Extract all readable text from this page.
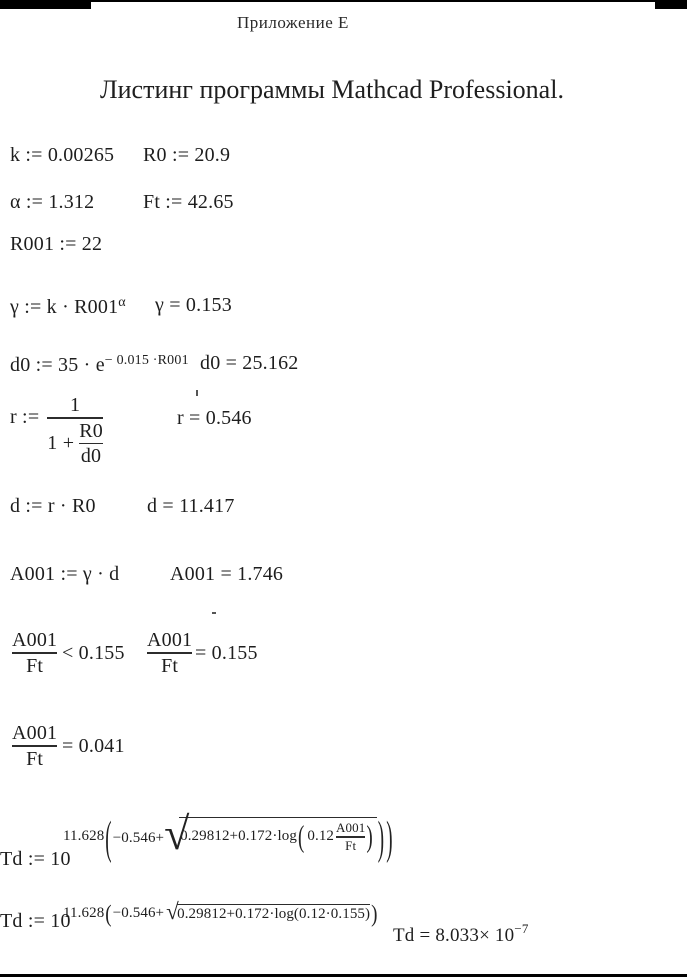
Приложение Е
Листинг программы Mathcad Professional.
k := 0.00265 R0 := 20.9
α := 1.312 Ft := 42.65
R001 := 22
γ := $k \cdot R001^\alpha$ γ = 0.153
d0 := $35 \cdot e^{- 0.015 \cdot R001}$ d0 = 25.162
r :=
1
1 +
R0
d0
r = 0.546
d := r · R0	d = 11.417
A001 := γ · d	A001 = 1.746
A001
Ft
< 0.155
A001
Ft
= 0.155
A001
Ft
= 0.041
Td := 10
11.628 ( −0.546+ √
0.29812+0.172·log ( 0.12
A001
Ft ) ) )
Td := 10
11.628 ( −0.546+ √
0.29812+0.172·log(0.12·0.155) )
$Td = 8.033\times 10^{-7}$
